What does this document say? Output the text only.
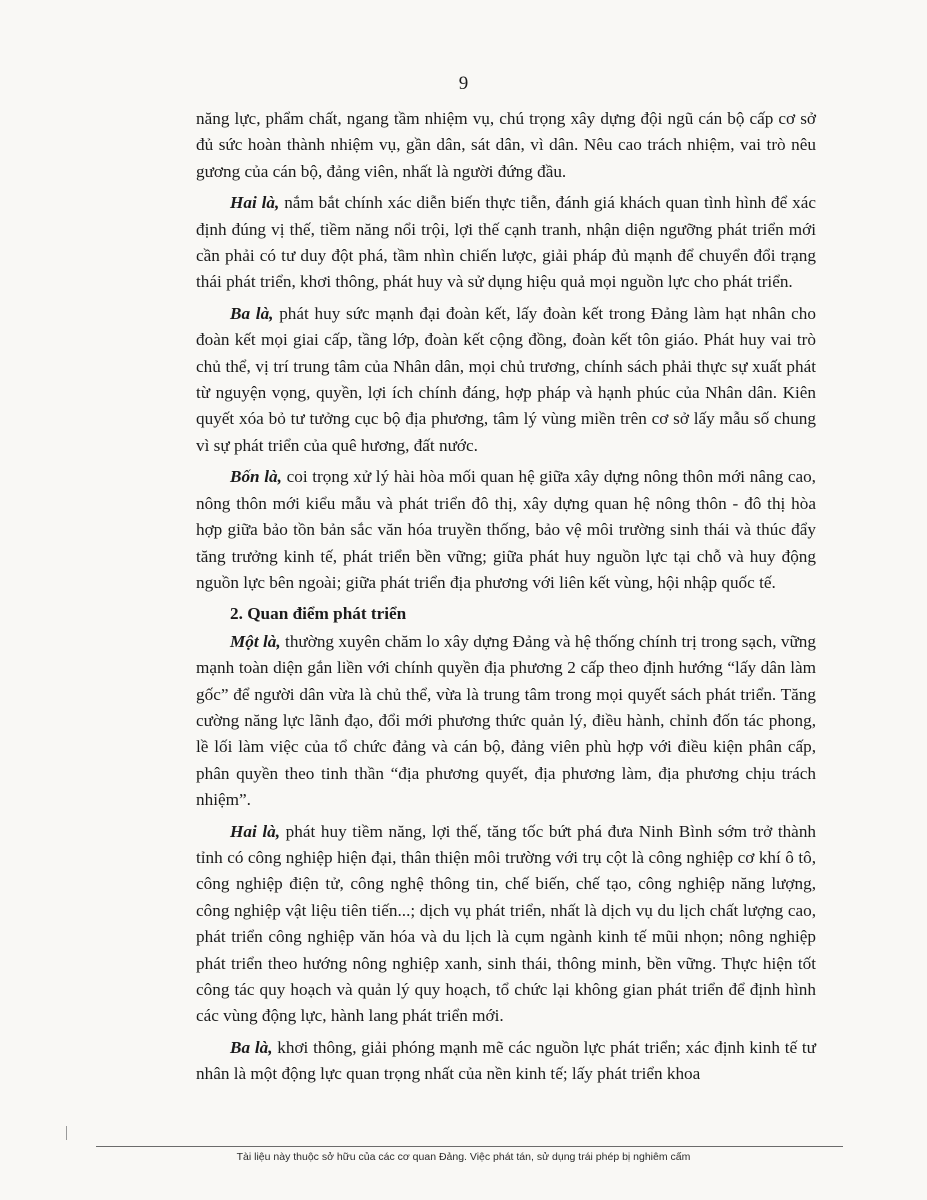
9

năng lực, phẩm chất, ngang tầm nhiệm vụ, chú trọng xây dựng đội ngũ cán bộ cấp cơ sở đủ sức hoàn thành nhiệm vụ, gần dân, sát dân, vì dân. Nêu cao trách nhiệm, vai trò nêu gương của cán bộ, đảng viên, nhất là người đứng đầu.

Hai là, nắm bắt chính xác diễn biến thực tiễn, đánh giá khách quan tình hình để xác định đúng vị thế, tiềm năng nổi trội, lợi thế cạnh tranh, nhận diện ngưỡng phát triển mới cần phải có tư duy đột phá, tầm nhìn chiến lược, giải pháp đủ mạnh để chuyển đổi trạng thái phát triển, khơi thông, phát huy và sử dụng hiệu quả mọi nguồn lực cho phát triển.

Ba là, phát huy sức mạnh đại đoàn kết, lấy đoàn kết trong Đảng làm hạt nhân cho đoàn kết mọi giai cấp, tầng lớp, đoàn kết cộng đồng, đoàn kết tôn giáo. Phát huy vai trò chủ thể, vị trí trung tâm của Nhân dân, mọi chủ trương, chính sách phải thực sự xuất phát từ nguyện vọng, quyền, lợi ích chính đáng, hợp pháp và hạnh phúc của Nhân dân. Kiên quyết xóa bỏ tư tưởng cục bộ địa phương, tâm lý vùng miền trên cơ sở lấy mẫu số chung vì sự phát triển của quê hương, đất nước.

Bốn là, coi trọng xử lý hài hòa mối quan hệ giữa xây dựng nông thôn mới nâng cao, nông thôn mới kiểu mẫu và phát triển đô thị, xây dựng quan hệ nông thôn - đô thị hòa hợp giữa bảo tồn bản sắc văn hóa truyền thống, bảo vệ môi trường sinh thái và thúc đẩy tăng trưởng kinh tế, phát triển bền vững; giữa phát huy nguồn lực tại chỗ và huy động nguồn lực bên ngoài; giữa phát triển địa phương với liên kết vùng, hội nhập quốc tế.

2. Quan điểm phát triển

Một là, thường xuyên chăm lo xây dựng Đảng và hệ thống chính trị trong sạch, vững mạnh toàn diện gắn liền với chính quyền địa phương 2 cấp theo định hướng “lấy dân làm gốc” để người dân vừa là chủ thể, vừa là trung tâm trong mọi quyết sách phát triển. Tăng cường năng lực lãnh đạo, đổi mới phương thức quản lý, điều hành, chỉnh đốn tác phong, lề lối làm việc của tổ chức đảng và cán bộ, đảng viên phù hợp với điều kiện phân cấp, phân quyền theo tinh thần “địa phương quyết, địa phương làm, địa phương chịu trách nhiệm”.

Hai là, phát huy tiềm năng, lợi thế, tăng tốc bứt phá đưa Ninh Bình sớm trở thành tỉnh có công nghiệp hiện đại, thân thiện môi trường với trụ cột là công nghiệp cơ khí ô tô, công nghiệp điện tử, công nghệ thông tin, chế biến, chế tạo, công nghiệp năng lượng, công nghiệp vật liệu tiên tiến...; dịch vụ phát triển, nhất là dịch vụ du lịch chất lượng cao, phát triển công nghiệp văn hóa và du lịch là cụm ngành kinh tế mũi nhọn; nông nghiệp phát triển theo hướng nông nghiệp xanh, sinh thái, thông minh, bền vững. Thực hiện tốt công tác quy hoạch và quản lý quy hoạch, tổ chức lại không gian phát triển để định hình các vùng động lực, hành lang phát triển mới.

Ba là, khơi thông, giải phóng mạnh mẽ các nguồn lực phát triển; xác định kinh tế tư nhân là một động lực quan trọng nhất của nền kinh tế; lấy phát triển khoa

Tài liệu này thuộc sở hữu của các cơ quan Đảng. Việc phát tán, sử dụng trái phép bị nghiêm cấm
